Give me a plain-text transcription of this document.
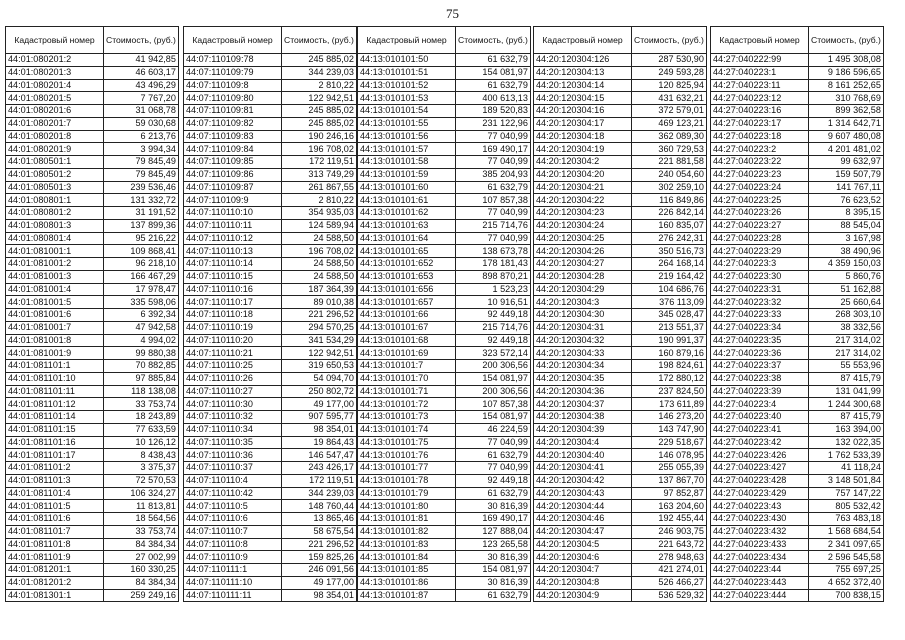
75
Кадастровый номер	Стоимость, (руб.)
44:01:080201:2	41 942,85
44:01:080201:3	46 603,17
44:01:080201:4	43 496,29
44:01:080201:5	7 767,20
44:01:080201:6	31 068,78
44:01:080201:7	59 030,68
44:01:080201:8	6 213,76
44:01:080201:9	3 994,34
44:01:080501:1	79 845,49
44:01:080501:2	79 845,49
44:01:080501:3	239 536,46
44:01:080801:1	131 332,72
44:01:080801:2	31 191,52
44:01:080801:3	137 899,36
44:01:080801:4	95 216,22
44:01:081001:1	109 868,41
44:01:081001:2	96 218,10
44:01:081001:3	166 467,29
44:01:081001:4	17 978,47
44:01:081001:5	335 598,06
44:01:081001:6	6 392,34
44:01:081001:7	47 942,58
44:01:081001:8	4 994,02
44:01:081001:9	99 880,38
44:01:081101:1	70 882,85
44:01:081101:10	97 885,84
44:01:081101:11	118 138,08
44:01:081101:12	33 753,74
44:01:081101:14	18 243,89
44:01:081101:15	77 633,59
44:01:081101:16	10 126,12
44:01:081101:17	8 438,43
44:01:081101:2	3 375,37
44:01:081101:3	72 570,53
44:01:081101:4	106 324,27
44:01:081101:5	11 813,81
44:01:081101:6	18 564,56
44:01:081101:7	33 753,74
44:01:081101:8	84 384,34
44:01:081101:9	27 002,99
44:01:081201:1	160 330,25
44:01:081201:2	84 384,34
44:01:081301:1	259 249,16
Кадастровый номер	Стоимость, (руб.)
44:07:110109:78	245 885,02
44:07:110109:79	344 239,03
44:07:110109:8	2 810,22
44:07:110109:80	122 942,51
44:07:110109:81	245 885,02
44:07:110109:82	245 885,02
44:07:110109:83	190 246,16
44:07:110109:84	196 708,02
44:07:110109:85	172 119,51
44:07:110109:86	313 749,29
44:07:110109:87	261 867,55
44:07:110109:9	2 810,22
44:07:110110:10	354 935,03
44:07:110110:11	124 589,94
44:07:110110:12	24 588,50
44:07:110110:13	196 708,02
44:07:110110:14	24 588,50
44:07:110110:15	24 588,50
44:07:110110:16	187 364,39
44:07:110110:17	89 010,38
44:07:110110:18	221 296,52
44:07:110110:19	294 570,25
44:07:110110:20	341 534,29
44:07:110110:21	122 942,51
44:07:110110:25	319 650,53
44:07:110110:26	54 094,70
44:07:110110:27	250 802,72
44:07:110110:30	49 177,00
44:07:110110:32	907 595,77
44:07:110110:34	98 354,01
44:07:110110:35	19 864,43
44:07:110110:36	146 547,47
44:07:110110:37	243 426,17
44:07:110110:4	172 119,51
44:07:110110:42	344 239,03
44:07:110110:5	148 760,44
44:07:110110:6	13 865,46
44:07:110110:7	58 675,54
44:07:110110:8	221 296,52
44:07:110110:9	159 825,26
44:07:110111:1	246 091,56
44:07:110111:10	49 177,00
44:07:110111:11	98 354,01
Кадастровый номер	Стоимость, (руб.)
44:13:010101:50	61 632,79
44:13:010101:51	154 081,97
44:13:010101:52	61 632,79
44:13:010101:53	400 613,13
44:13:010101:54	189 520,83
44:13:010101:55	231 122,96
44:13:010101:56	77 040,99
44:13:010101:57	169 490,17
44:13:010101:58	77 040,99
44:13:010101:59	385 204,93
44:13:010101:60	61 632,79
44:13:010101:61	107 857,38
44:13:010101:62	77 040,99
44:13:010101:63	215 714,76
44:13:010101:64	77 040,99
44:13:010101:65	138 673,78
44:13:010101:652	178 181,43
44:13:010101:653	898 870,21
44:13:010101:656	1 523,23
44:13:010101:657	10 916,51
44:13:010101:66	92 449,18
44:13:010101:67	215 714,76
44:13:010101:68	92 449,18
44:13:010101:69	323 572,14
44:13:010101:7	200 306,56
44:13:010101:70	154 081,97
44:13:010101:71	200 306,56
44:13:010101:72	107 857,38
44:13:010101:73	154 081,97
44:13:010101:74	46 224,59
44:13:010101:75	77 040,99
44:13:010101:76	61 632,79
44:13:010101:77	77 040,99
44:13:010101:78	92 449,18
44:13:010101:79	61 632,79
44:13:010101:80	30 816,39
44:13:010101:81	169 490,17
44:13:010101:82	127 888,04
44:13:010101:83	123 265,58
44:13:010101:84	30 816,39
44:13:010101:85	154 081,97
44:13:010101:86	30 816,39
44:13:010101:87	61 632,79
Кадастровый номер	Стоимость, (руб.)
44:20:120304:126	287 530,90
44:20:120304:13	249 593,28
44:20:120304:14	120 825,94
44:20:120304:15	431 632,21
44:20:120304:16	372 579,01
44:20:120304:17	469 123,21
44:20:120304:18	362 089,30
44:20:120304:19	360 729,53
44:20:120304:2	221 881,58
44:20:120304:20	240 054,60
44:20:120304:21	302 259,10
44:20:120304:22	116 849,86
44:20:120304:23	226 842,14
44:20:120304:24	160 835,07
44:20:120304:25	276 242,31
44:20:120304:26	350 516,73
44:20:120304:27	264 168,14
44:20:120304:28	219 164,42
44:20:120304:29	104 686,76
44:20:120304:3	376 113,09
44:20:120304:30	345 028,47
44:20:120304:31	213 551,37
44:20:120304:32	190 991,37
44:20:120304:33	160 879,16
44:20:120304:34	198 824,61
44:20:120304:35	172 880,12
44:20:120304:36	237 824,50
44:20:120304:37	173 611,89
44:20:120304:38	146 273,20
44:20:120304:39	143 747,90
44:20:120304:4	229 518,67
44:20:120304:40	146 078,95
44:20:120304:41	255 055,39
44:20:120304:42	137 867,70
44:20:120304:43	97 852,87
44:20:120304:44	163 204,60
44:20:120304:46	192 455,44
44:20:120304:47	246 903,75
44:20:120304:5	221 643,72
44:20:120304:6	278 948,63
44:20:120304:7	421 274,01
44:20:120304:8	526 466,27
44:20:120304:9	536 529,32
Кадастровый номер	Стоимость, (руб.)
44:27:040222:99	1 495 308,08
44:27:040223:1	9 186 596,65
44:27:040223:11	8 161 252,65
44:27:040223:12	310 768,69
44:27:040223:16	899 362,58
44:27:040223:17	1 314 642,71
44:27:040223:18	9 607 480,08
44:27:040223:2	4 201 481,02
44:27:040223:22	99 632,97
44:27:040223:23	159 507,79
44:27:040223:24	141 767,11
44:27:040223:25	76 623,52
44:27:040223:26	8 395,15
44:27:040223:27	88 545,04
44:27:040223:28	3 167,98
44:27:040223:29	38 490,96
44:27:040223:3	4 359 150,03
44:27:040223:30	5 860,76
44:27:040223:31	51 162,88
44:27:040223:32	25 660,64
44:27:040223:33	268 303,10
44:27:040223:34	38 332,56
44:27:040223:35	217 314,02
44:27:040223:36	217 314,02
44:27:040223:37	55 553,96
44:27:040223:38	87 415,79
44:27:040223:39	131 041,99
44:27:040223:4	1 244 300,68
44:27:040223:40	87 415,79
44:27:040223:41	163 394,00
44:27:040223:42	132 022,35
44:27:040223:426	1 762 533,39
44:27:040223:427	41 118,24
44:27:040223:428	3 148 501,84
44:27:040223:429	757 147,22
44:27:040223:43	805 532,42
44:27:040223:430	763 483,18
44:27:040223:432	1 568 684,54
44:27:040223:433	2 341 097,65
44:27:040223:434	2 596 545,58
44:27:040223:44	755 697,25
44:27:040223:443	4 652 372,40
44:27:040223:444	700 838,15
